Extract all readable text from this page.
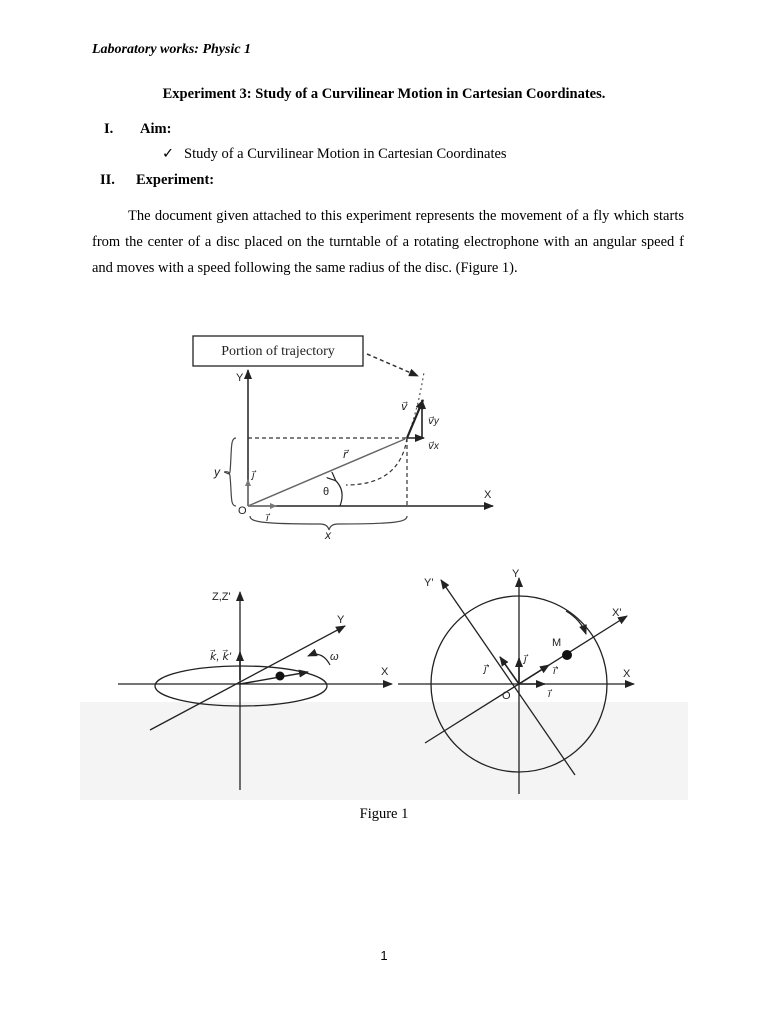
Laboratory works: Physic 1
Experiment 3: Study of a Curvilinear Motion in Cartesian Coordinates.
I. Aim:
✓ Study of a Curvilinear Motion in Cartesian Coordinates
II. Experiment:
The document given attached to this experiment represents the movement of a fly which starts from the center of a disc placed on the turntable of a rotating electrophone with an angular speed f and moves with a speed following the same radius of the disc. (Figure 1).
Portion of trajectory
Y
X
O
r⃗
θ
v⃗
v⃗y
v⃗x
j⃗
i⃗
y
x
ω
Z,Z'
k⃗, k⃗'
Y
X
Y'
Y
X'
X
M
O
j⃗'
j⃗
i⃗'
i⃗
Figure 1
1
